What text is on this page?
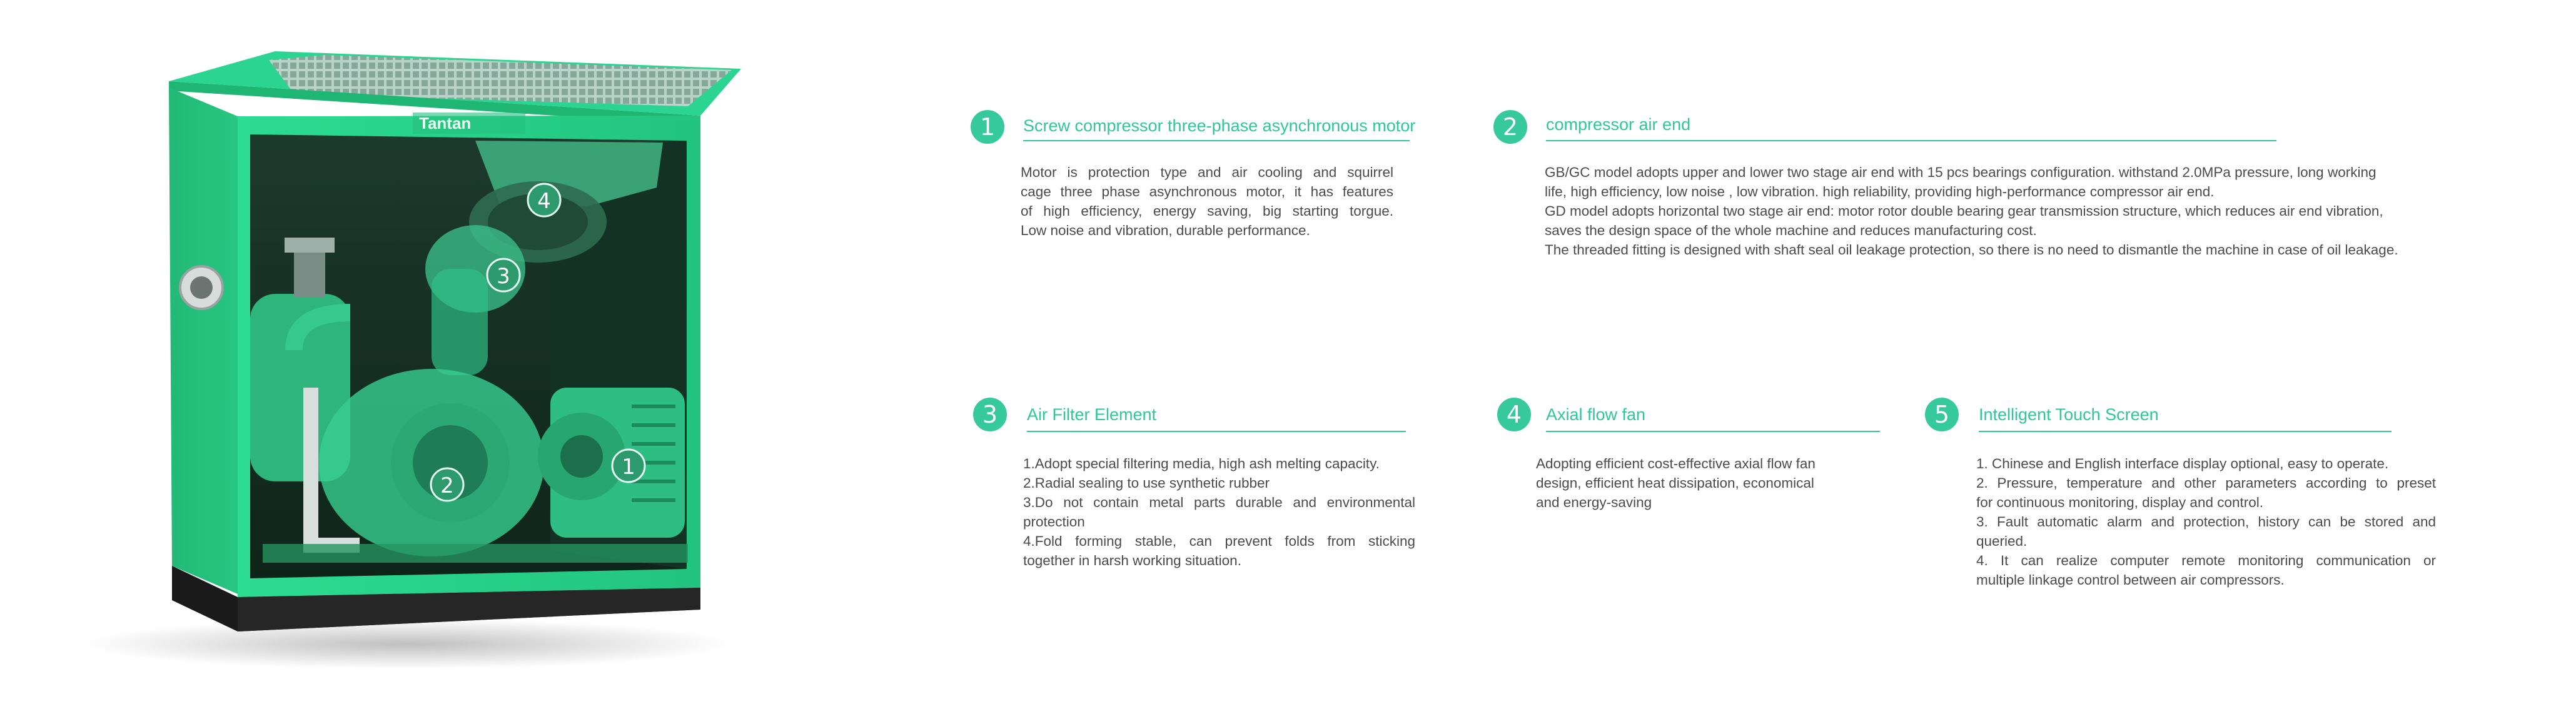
Tantan
4
3
2
1
1	Screw compressor three-phase asynchronous motor
Motor is protection type and air cooling and squirrel
cage three phase asynchronous motor, it has features
of high efficiency, energy saving, big starting torgue.
Low noise and vibration, durable performance.
2	compressor air end
GB/GC model adopts upper and lower two stage air end with 15 pcs bearings configuration. withstand 2.0MPa pressure, long working
life, high efficiency, low noise , low vibration. high reliability, providing high-performance compressor air end.
GD model adopts horizontal two stage air end: motor rotor double bearing gear transmission structure, which reduces air end vibration,
saves the design space of the whole machine and reduces manufacturing cost.
The threaded fitting is designed with shaft seal oil leakage protection, so there is no need to dismantle the machine in case of oil leakage.
3	Air Filter Element
1.Adopt special filtering media, high ash melting capacity.
2.Radial sealing to use synthetic rubber
3.Do not contain metal parts durable and environmental
protection
4.Fold forming stable, can prevent folds from sticking
together in harsh working situation.
4	Axial flow fan
Adopting efficient cost-effective axial flow fan
design, efficient heat dissipation, economical
and energy-saving
5	Intelligent Touch Screen
1. Chinese and English interface display optional, easy to operate.
2. Pressure, temperature and other parameters according to preset
for continuous monitoring, display and control.
3. Fault automatic alarm and protection, history can be stored and
queried.
4. It can realize computer remote monitoring communication or
multiple linkage control between air compressors.
